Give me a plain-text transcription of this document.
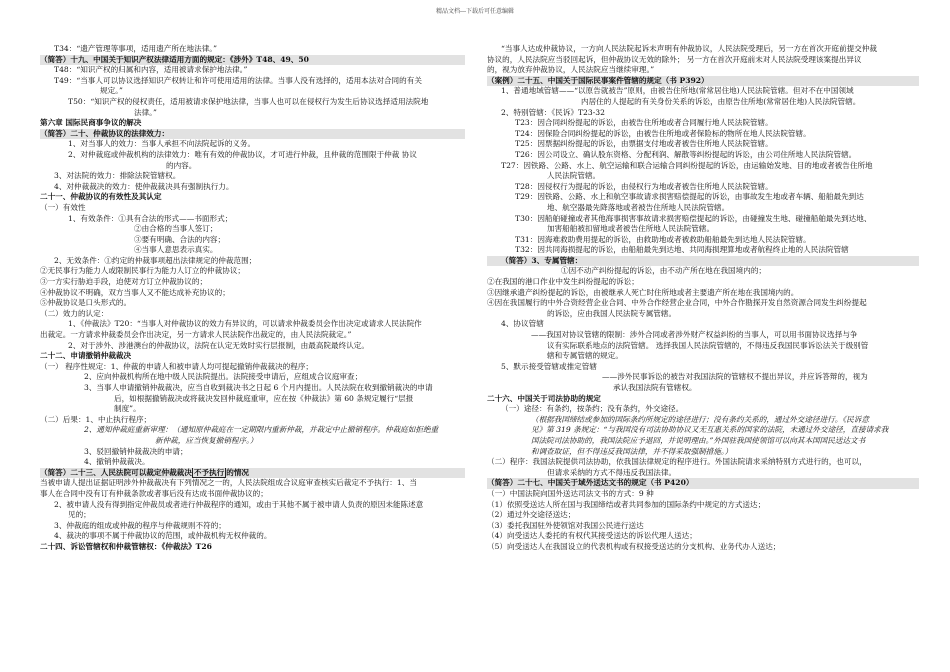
精品文档---下载后可任意编辑
T34：“遗产管理等事项，适用遗产所在地法律。”
（简答）十九、中国关于知识产权法律适用方面的规定：《涉外》T48、49、50
T48：“知识产权的归属和内容，适用被请求保护地法律。”
T49：“当事人可以协议选择知识产权转让和许可使用适用的法律。当事人没有选择的，适用本法对合同的有关
规定。”
T50：“知识产权的侵权责任，适用被请求保护地法律，当事人也可以在侵权行为发生后协议选择适用法院地
法律。”
第六章 国际民商事争议的解决
（简答）二十、仲裁协议的法律效力：
1、对当事人的效力：当事人承担不向法院起诉的义务。
2、对仲裁庭或仲裁机构的法律效力：唯有有效的仲裁协议，才可进行仲裁，且仲裁的范围限于仲裁 协议
的内容。
3、对法院的效力：排除法院管辖权。
4、对仲裁裁决的效力：使仲裁裁决具有强制执行力。
二十一、仲裁协议的有效性及其认定
（一）有效性
1、有效条件：①具有合法的形式——书面形式；
②由合格的当事人签订；
③要有明确、合法的内容；
④当事人意思表示真实。
2、无效条件：①约定的仲裁事项超出法律规定的仲裁范围；
②无民事行为能力人或限制民事行为能力人订立的仲裁协议；
③一方实行胁迫手段，迫使对方订立仲裁协议的；
④仲裁协议不明确，双方当事人又不能达成补充协议的；
⑤仲裁协议是口头形式的。
（二）效力的认定：
1、《仲裁法》T20：“当事人对仲裁协议的效力有异议的，可以请求仲裁委员会作出决定或请求人民法院作
出裁定。一方请求仲裁委员会作出决定，另一方请求人民法院作出裁定的，由人民法院裁定。”
2、对于涉外、涉港澳台的仲裁协议，法院在认定无效时实行层报制，由最高院最终认定。
二十二、申请撤销仲裁裁决
（一） 程序性规定：1、仲裁的申请人和被申请人均可提起撤销仲裁裁决的程序；
2、应向仲裁机构所在地中级人民法院提出。法院接受申请后，应组成合议庭审查；
3、当事人申请撤销仲裁裁决，应当自收到裁决书之日起 6 个月内提出。人民法院在收到撤销裁决的申请
后，如根据撤销裁决或将裁决发回仲裁庭重审，应在按《仲裁法》第 60 条规定履行“层报
制度”。
（二）后果：1、中止执行程序；
2、通知仲裁庭重新审理：（通知原仲裁庭在一定期限内重新仲裁，并裁定中止撤销程序。仲裁庭如拒绝重
新仲裁，应当恢复撤销程序。）
3、驳回撤销仲裁裁决的申请；
4、撤销仲裁裁决。
（简答）二十三、人民法院可以裁定仲裁裁决 不予执行 的情况
当被申请人提出证据证明涉外仲裁裁决有下列情况之一的，人民法院组成合议庭审查核实后裁定不予执行：1、当
事人在合同中没有订有仲裁条款或者事后没有达成书面仲裁协议的；
2、被申请人没有得到指定仲裁员或者进行仲裁程序的通知，或由于其他不属于被申请人负责的原因未能陈述意
见的；
3、仲裁庭的组成或仲裁的程序与仲裁规则不符的；
4、裁决的事项不属于仲裁协议的范围，或仲裁机构无权仲裁的。
二十四、诉讼管辖权和仲裁管辖权：《仲裁法》T26
“当事人达成仲裁协议，一方向人民法院起诉未声明有仲裁协议，人民法院受理后，另一方在首次开庭前提交仲裁
协议的，人民法院应当驳回起诉，但仲裁协议无效的除外； 另一方在首次开庭前未对人民法院受理该案提出异议
的，视为放弃仲裁协议，人民法院应当继续审理。”
（案例）二十五、中国关于国际民事案件管辖的规定（书 P392）
1、普通地域管辖——“以原告就被告”原则，由被告住所地(常常居住地)人民法院管辖。但对不在中国领域
内居住的人提起的有关身份关系的诉讼，由原告住所地(常常居住地)人民法院管辖。
2、特别管辖：《民诉》T23-32
T23：因合同纠纷提起的诉讼，由被告住所地或者合同履行地人民法院管辖。
T24：因保险合同纠纷提起的诉讼，由被告住所地或者保险标的物所在地人民法院管辖。
T25：因票据纠纷提起的诉讼，由票据支付地或者被告住所地人民法院管辖。
T26：因公司设立、确认股东资格、分配利润、解散等纠纷提起的诉讼，由公司住所地人民法院管辖。
T27：因铁路、公路、水上、航空运输和联合运输合同纠纷提起的诉讼，由运输始发地、目的地或者被告住所地
人民法院管辖。
T28：因侵权行为提起的诉讼，由侵权行为地或者被告住所地人民法院管辖。
T29：因铁路、公路、水上和航空事故请求损害赔偿提起的诉讼，由事故发生地或者车辆、船舶最先到达
地、航空器最先降落地或者被告住所地人民法院管辖。
T30：因船舶碰撞或者其他海事损害事故请求损害赔偿提起的诉讼，由碰撞发生地、碰撞船舶最先到达地、
加害船舶被扣留地或者被告住所地人民法院管辖。
T31：因海难救助费用提起的诉讼，由救助地或者被救助船舶最先到达地人民法院管辖。
T32：因共同海损提起的诉讼，由船舶最先到达地、共同海损理算地或者航程终止地的人民法院管辖
（简答）3、专属管辖：
①因不动产纠纷提起的诉讼，由不动产所在地在我国境内的；
②在我国的港口作业中发生纠纷提起的诉讼；
③因继承遗产纠纷提起的诉讼，由被继承人死亡时住所地或者主要遗产所在地在我国境内的。
④因在我国履行的中外合资经营企业合同、中外合作经营企业合同，中外合作勘探开发自然资源合同发生纠纷提起
的诉讼，应由我国人民法院专属管辖。
4、协议管辖
——我国对协议管辖的限制：涉外合同或者涉外财产权益纠纷的当事人，可以用书面协议选择与争
议有实际联系地点的法院管辖。 选择我国人民法院管辖的，不得违反我国民事诉讼法关于级别管
辖和专属管辖的规定。
5、默示接受管辖或推定管辖
——涉外民事诉讼的被告对我国法院的管辖权不提出异议，并应诉答辩的，视为
承认我国法院有管辖权。
二十六、中国关于司法协助的规定
（一）途径：有条约，按条约；没有条约，外交途径。
（根据我国缔结或参加的国际条约所规定的途径进行；没有条约关系的，通过外交途径进行。《民诉意
见》第 319 条规定：“与我国没有司法协助协议又无互惠关系的国家的法院，未通过外交途径，直接请求我
国法院司法协助的，我国法院应予退回，并说明理由。”外国驻我国使领馆可以向其本国国民送达文书
和调查取证，但不得违反我国法律，并不得采取强制措施。）
（二）程序：我国法院提供司法协助，依我国法律规定的程序进行。外国法院请求采纳特别方式进行的，也可以，
但请求采纳的方式不得违反我国法律。
（简答）二十七、中国关于域外送达文书的规定（书 P420）
（一）中国法院向国外送达司法文书的方式：9 种
（1）依照受送达人所在国与我国缔结或者共同参加的国际条约中规定的方式送达；
（2）通过外交途径送达；
（3）委托我国驻外使领馆对我国公民进行送达
（4）向受送达人委托的有权代其接受送达的诉讼代理人送达；
（5）向受送达人在我国设立的代表机构或有权接受送达的分支机构、业务代办人送达；
